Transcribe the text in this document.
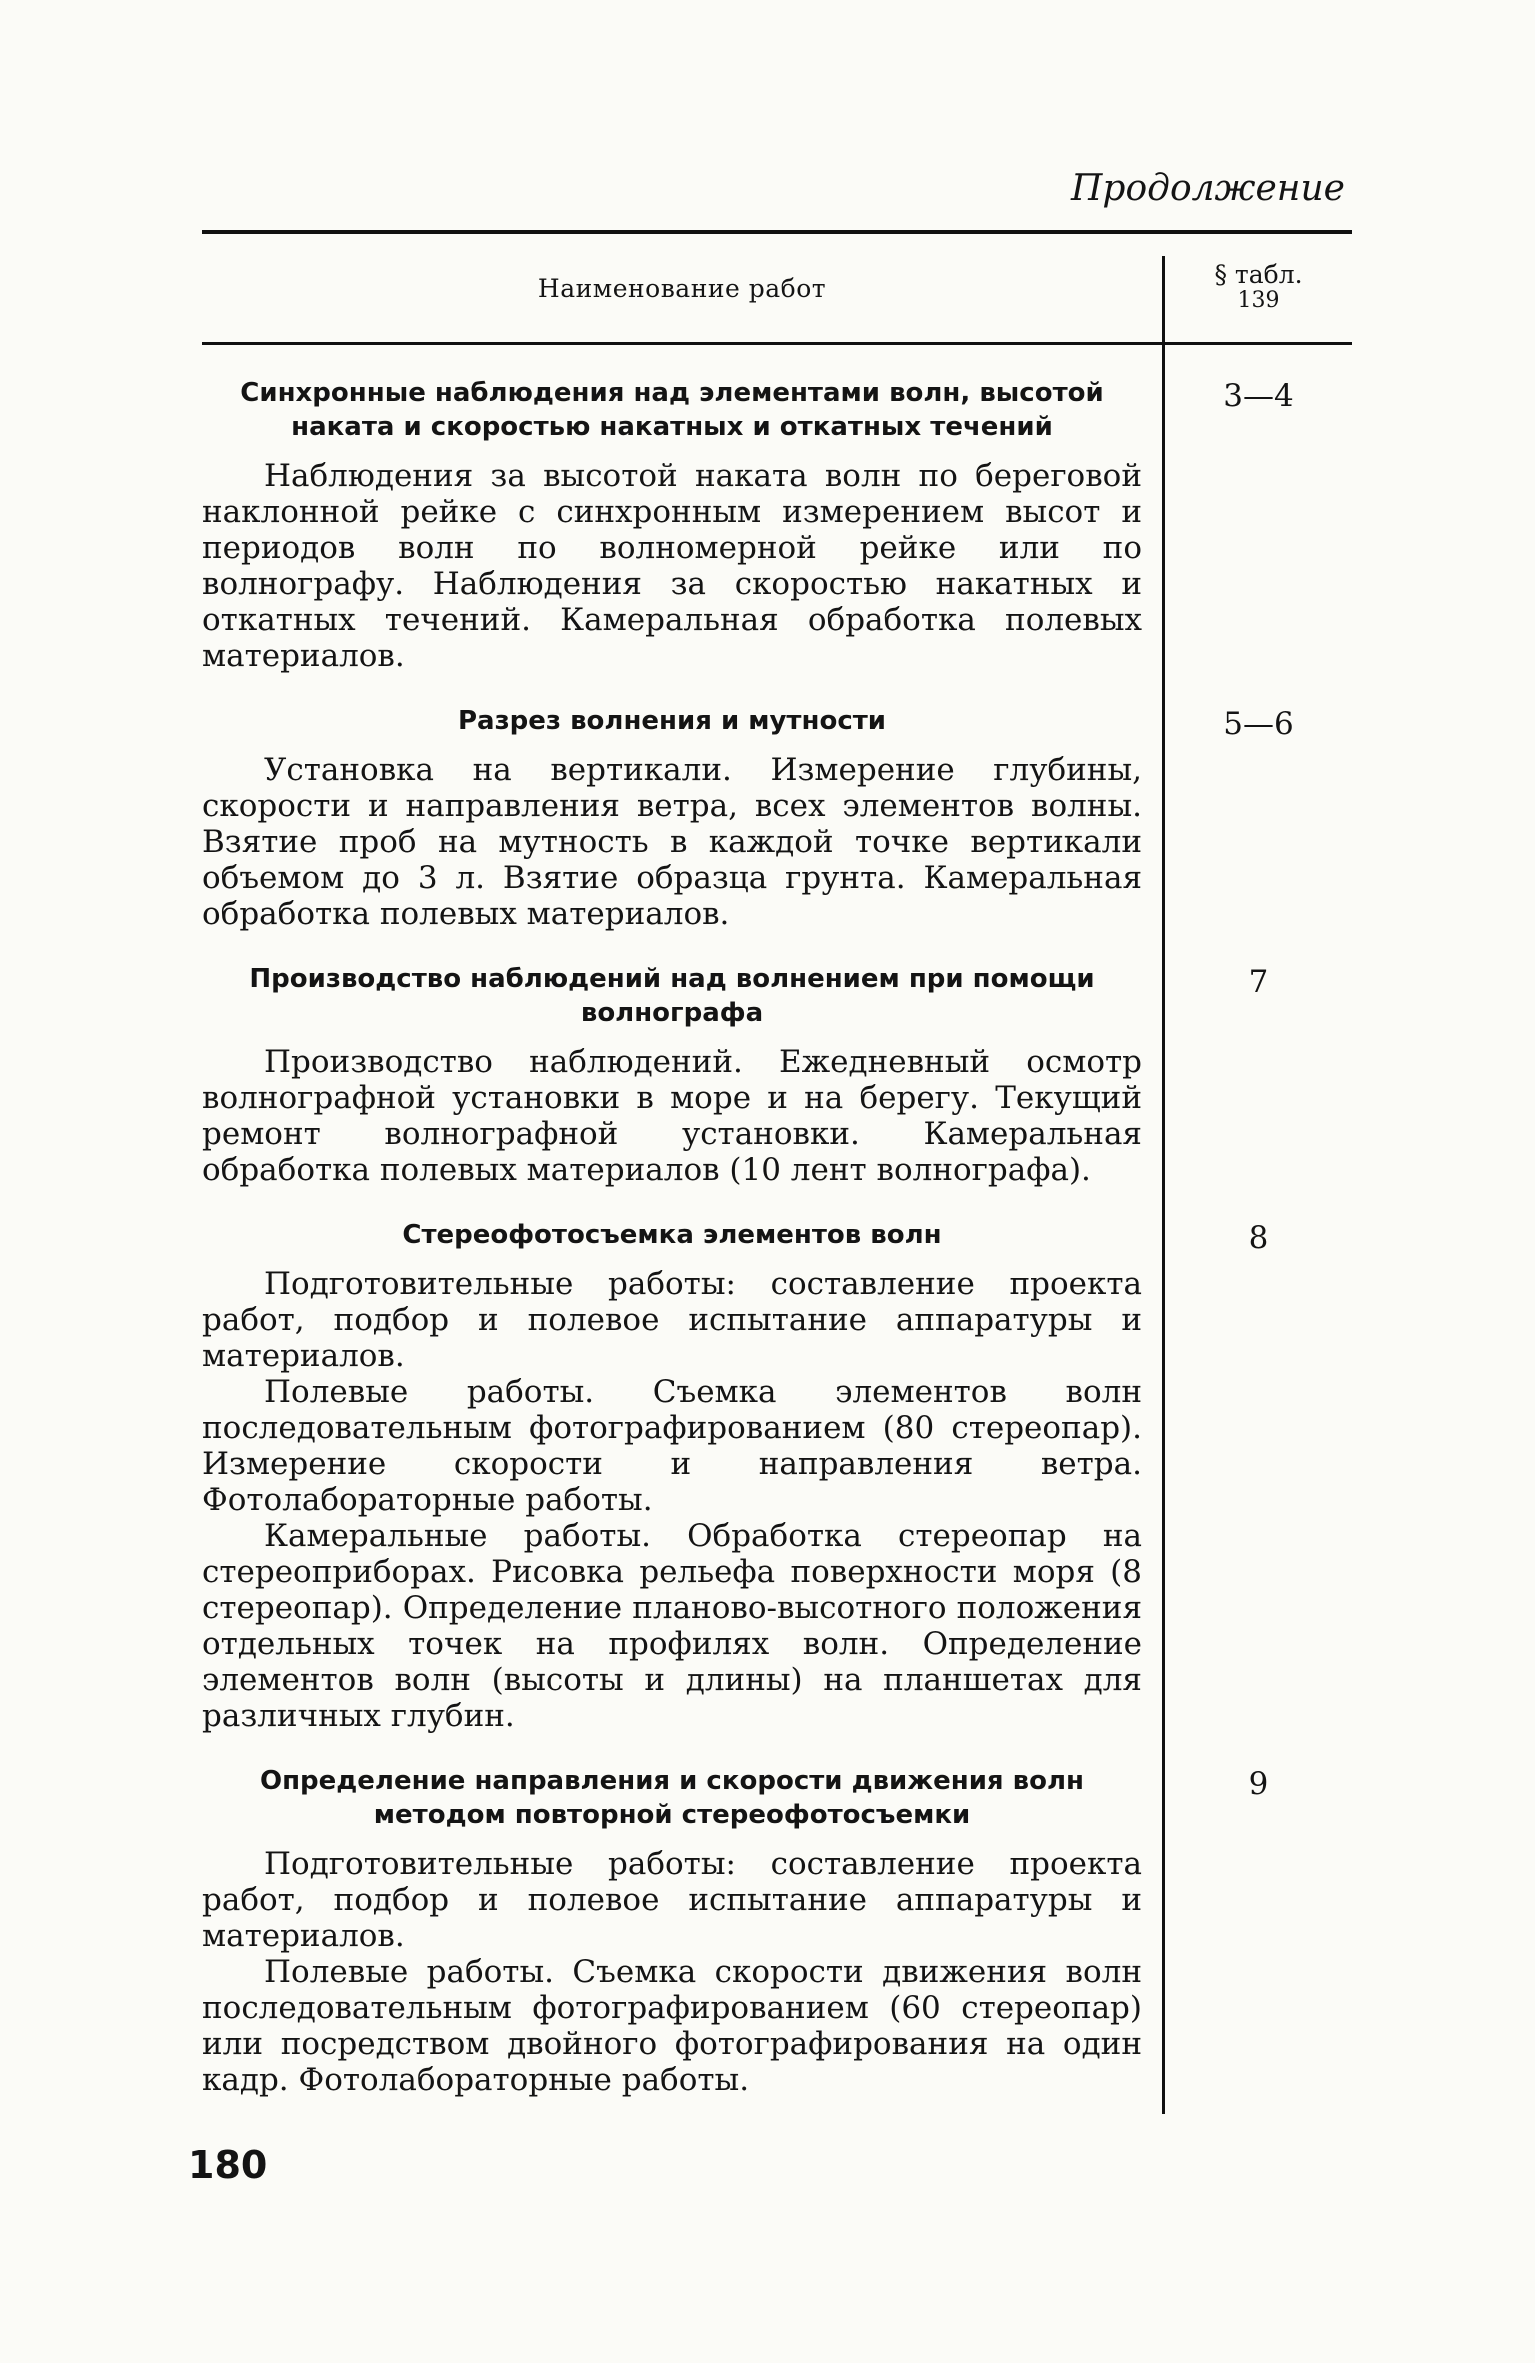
Продолжение
Наименование работ	§ табл.
139
Синхронные наблюдения над элементами волн, высотой наката и скоростью накатных и откатных течений

Наблюдения за высотой наката волн по береговой наклонной рейке с синхронным измерением высот и периодов волн по волномерной рейке или по волнографу. Наблюдения за скоростью накатных и откатных течений. Камеральная обработка полевых материалов.

3—4
Разрез волнения и мутности

Установка на вертикали. Измерение глубины, скорости и направления ветра, всех элементов волны. Взятие проб на мутность в каждой точке вертикали объемом до 3 л. Взятие образца грунта. Камеральная обработка полевых материалов.

5—6
Производство наблюдений над волнением при помощи волнографа

Производство наблюдений. Ежедневный осмотр волнографной установки в море и на берегу. Текущий ремонт волнографной установки. Камеральная обработка полевых материалов (10 лент волнографа).

7
Стереофотосъемка элементов волн

Подготовительные работы: составление проекта работ, подбор и полевое испытание аппаратуры и материалов.

Полевые работы. Съемка элементов волн последовательным фотографированием (80 стереопар). Измерение скорости и направления ветра. Фотолабораторные работы.

Камеральные работы. Обработка стереопар на стереоприборах. Рисовка рельефа поверхности моря (8 стереопар). Определение планово-высотного положения отдельных точек на профилях волн. Определение элементов волн (высоты и длины) на планшетах для различных глубин.

8
Определение направления и скорости движения волн методом повторной стереофотосъемки

Подготовительные работы: составление проекта работ, подбор и полевое испытание аппаратуры и материалов.

Полевые работы. Съемка скорости движения волн последовательным фотографированием (60 стереопар) или посредством двойного фотографирования на один кадр. Фотолабораторные работы.

9
180
